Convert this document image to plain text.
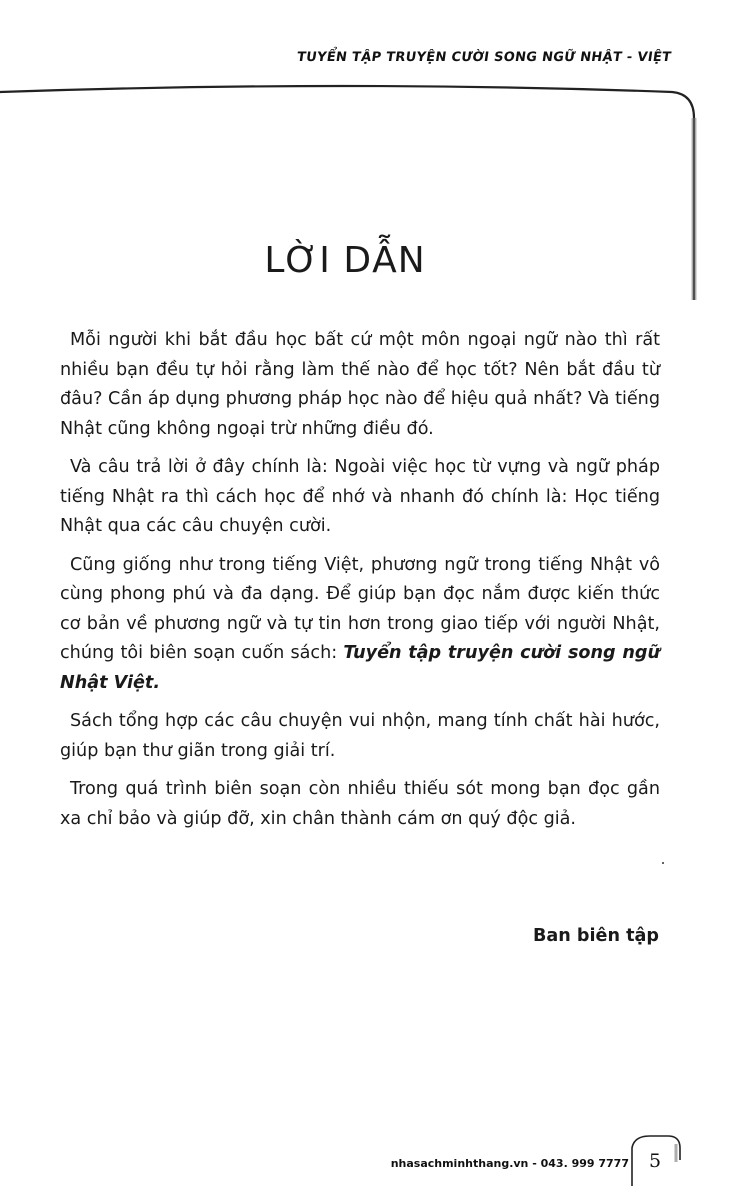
TUYỂN TẬP TRUYỆN CƯỜI SONG NGỮ NHẬT - VIỆT
LỜI DẪN

Mỗi người khi bắt đầu học bất cứ một môn ngoại ngữ nào thì rất nhiều bạn đều tự hỏi rằng làm thế nào để học tốt? Nên bắt đầu từ đâu? Cần áp dụng phương pháp học nào để hiệu quả nhất? Và tiếng Nhật cũng không ngoại trừ những điều đó.

Và câu trả lời ở đây chính là: Ngoài việc học từ vựng và ngữ pháp tiếng Nhật ra thì cách học để nhớ và nhanh đó chính là: Học tiếng Nhật qua các câu chuyện cười.

Cũng giống như trong tiếng Việt, phương ngữ trong tiếng Nhật vô cùng phong phú và đa dạng. Để giúp bạn đọc nắm được kiến thức cơ bản về phương ngữ và tự tin hơn trong giao tiếp với người Nhật, chúng tôi biên soạn cuốn sách: Tuyển tập truyện cười song ngữ Nhật Việt.

Sách tổng hợp các câu chuyện vui nhộn, mang tính chất hài hước, giúp bạn thư giãn trong giải trí.

Trong quá trình biên soạn còn nhiều thiếu sót mong bạn đọc gần xa chỉ bảo và giúp đỡ, xin chân thành cám ơn quý độc giả.

Ban biên tập
nhasachminhthang.vn - 043. 999 7777	5
